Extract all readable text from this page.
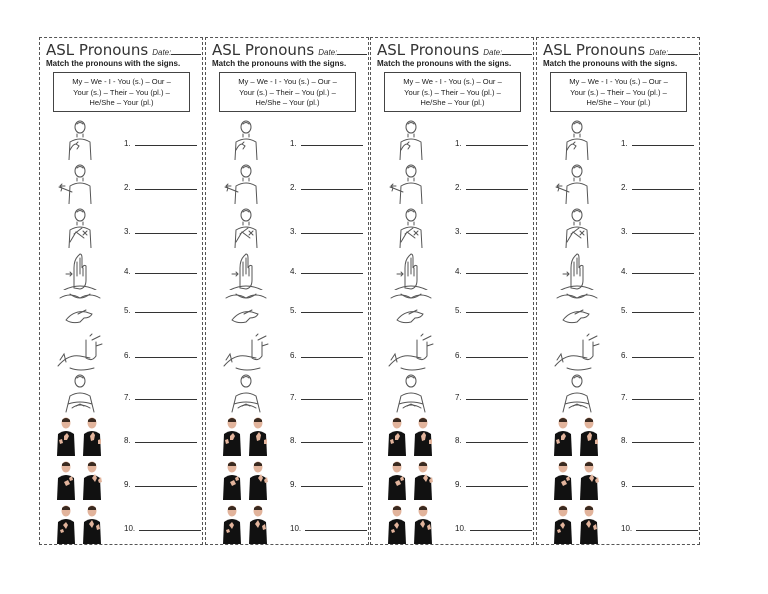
ASL Pronouns Date:
Match the pronouns with the signs.
My – We - I - You (s.) – Our –
Your (s.) – Their – You (pl.) –
He/She – Your (pl.)
1.
2.
3.
4.
5.
6.
7.
8.
9.
10.
ASL Pronouns Date:
Match the pronouns with the signs.
My – We - I - You (s.) – Our –
Your (s.) – Their – You (pl.) –
He/She – Your (pl.)
1.
2.
3.
4.
5.
6.
7.
8.
9.
10.
ASL Pronouns Date:
Match the pronouns with the signs.
My – We - I - You (s.) – Our –
Your (s.) – Their – You (pl.) –
He/She – Your (pl.)
1.
2.
3.
4.
5.
6.
7.
8.
9.
10.
ASL Pronouns Date:
Match the pronouns with the signs.
My – We - I - You (s.) – Our –
Your (s.) – Their – You (pl.) –
He/She – Your (pl.)
1.
2.
3.
4.
5.
6.
7.
8.
9.
10.
